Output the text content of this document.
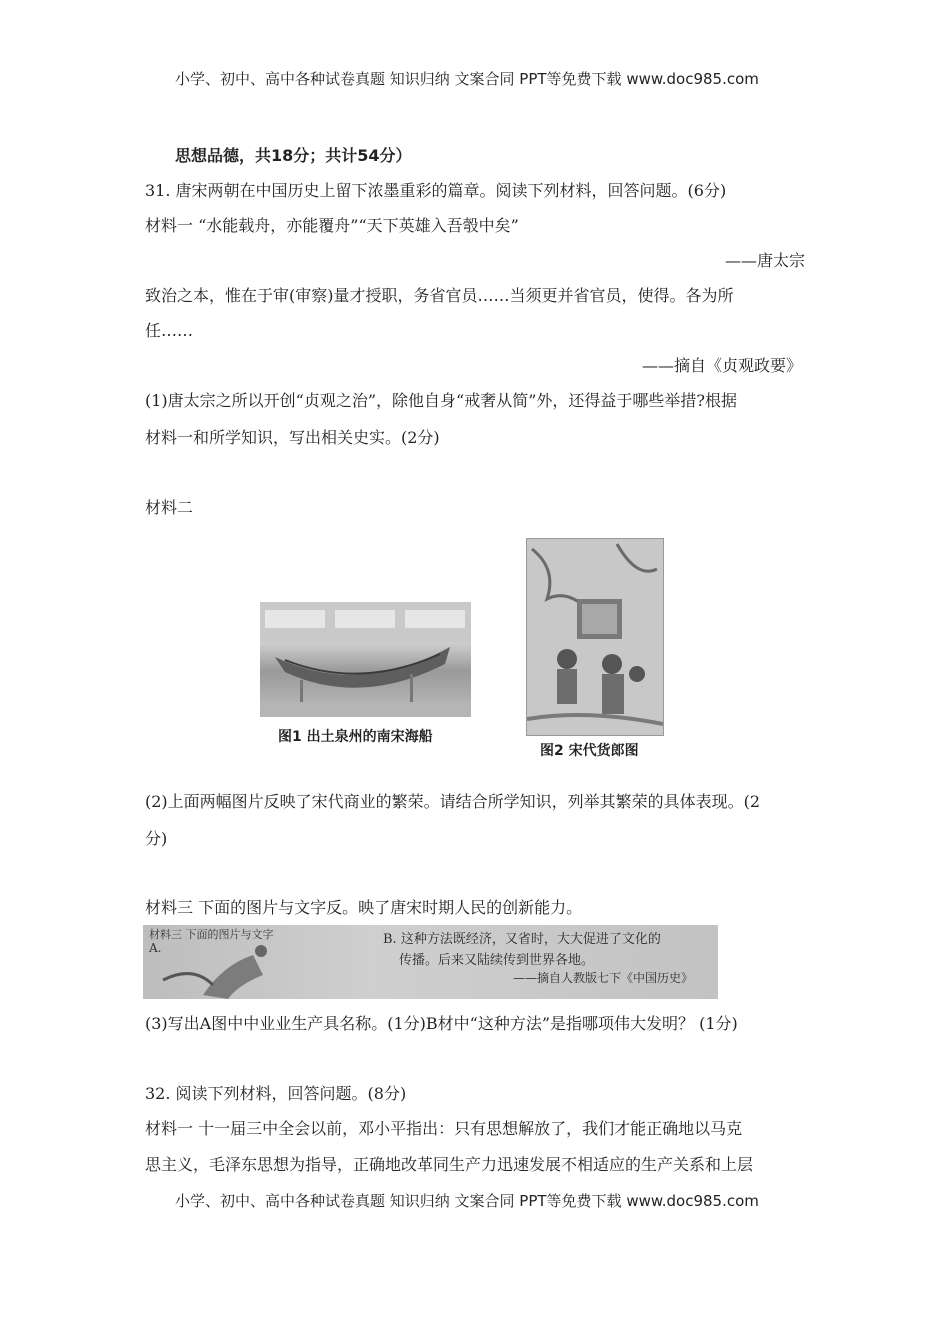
小学、初中、高中各种试卷真题 知识归纳 文案合同 PPT等免费下载 www.doc985.com
思想品德，共18分；共计54分）
31. 唐宋两朝在中国历史上留下浓墨重彩的篇章。阅读下列材料，回答问题。(6分)
材料一 “水能载舟，亦能覆舟”“天下英雄入吾彀中矣”
——唐太宗
致治之本，惟在于审(审察)量才授职，务省官员……当须更并省官员，使得。各为所
任……
——摘自《贞观政要》
(1)唐太宗之所以开创“贞观之治”，除他自身“戒奢从简”外，还得益于哪些举措?根据
材料一和所学知识，写出相关史实。(2分)
材料二
图1 出土泉州的南宋海船
图2 宋代货郎图
(2)上面两幅图片反映了宋代商业的繁荣。请结合所学知识，列举其繁荣的具体表现。(2
分)
材料三 下面的图片与文字反。映了唐宋时期人民的创新能力。
材料三 下面的图片与文字
A.
B. 这种方法既经济，又省时，大大促进了文化的
传播。后来又陆续传到世界各地。
——摘自人教版七下《中国历史》
(3)写出A图中中业业生产具名称。(1分)B材中“这种方法”是指哪项伟大发明？ (1分)
32. 阅读下列材料，回答问题。(8分)
材料一 十一届三中全会以前，邓小平指出：只有思想解放了，我们才能正确地以马克
思主义，毛泽东思想为指导，正确地改革同生产力迅速发展不相适应的生产关系和上层
小学、初中、高中各种试卷真题 知识归纳 文案合同 PPT等免费下载 www.doc985.com
